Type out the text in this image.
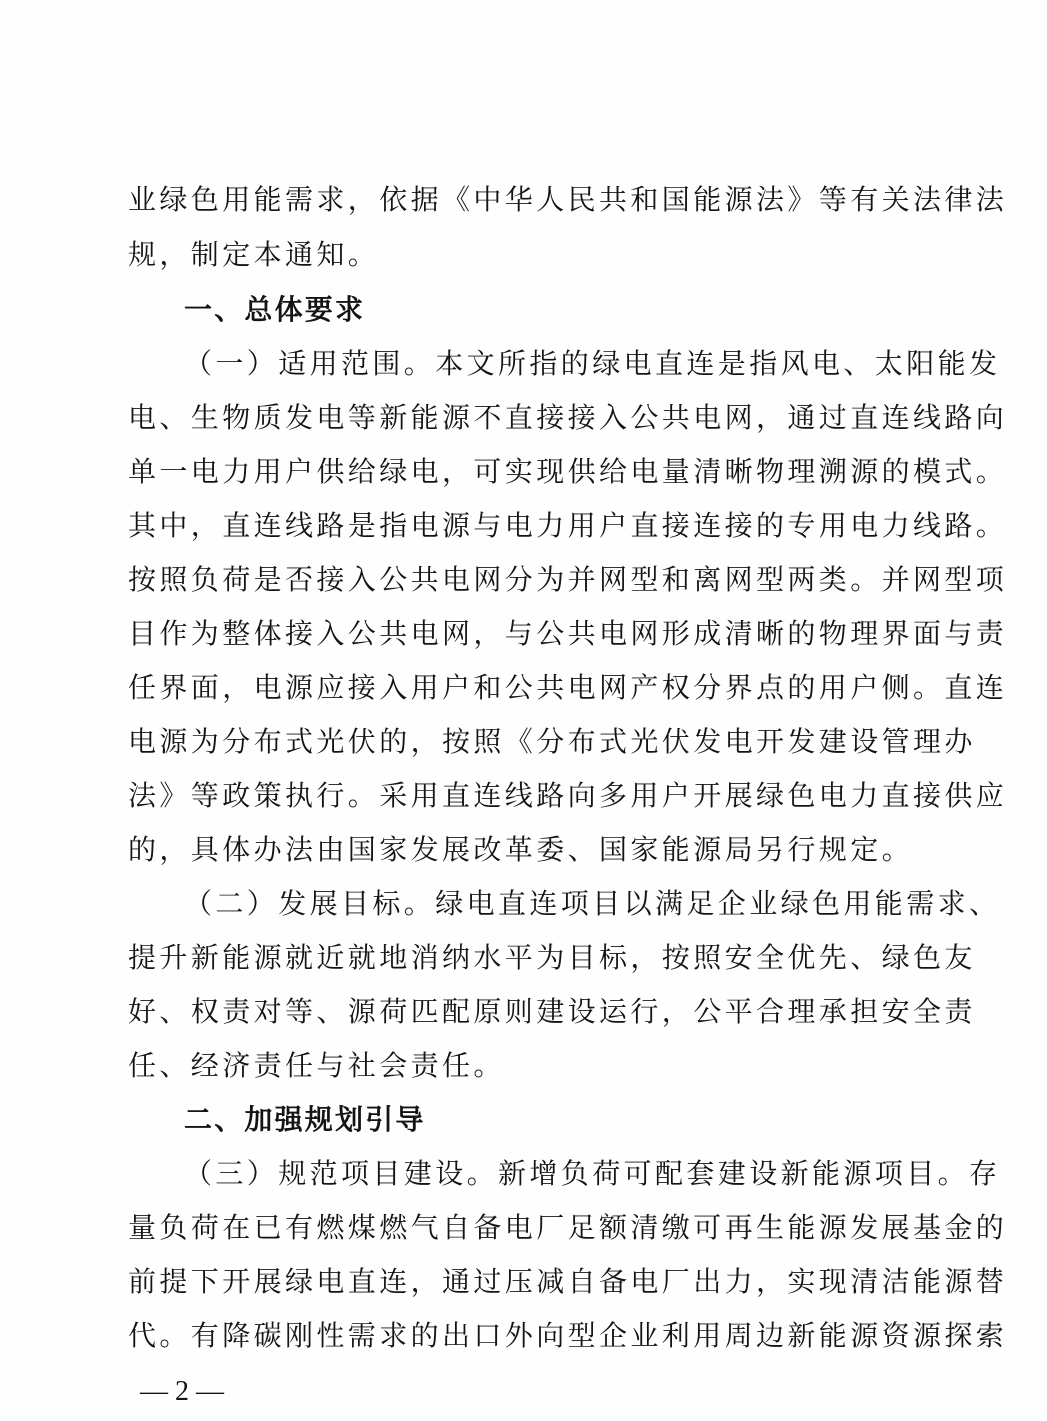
业绿色用能需求，依据《中华人民共和国能源法》等有关法律法
规，制定本通知。
一、总体要求
（一）适用范围。本文所指的绿电直连是指风电、太阳能发
电、生物质发电等新能源不直接接入公共电网，通过直连线路向
单一电力用户供给绿电，可实现供给电量清晰物理溯源的模式。
其中，直连线路是指电源与电力用户直接连接的专用电力线路。
按照负荷是否接入公共电网分为并网型和离网型两类。并网型项
目作为整体接入公共电网，与公共电网形成清晰的物理界面与责
任界面，电源应接入用户和公共电网产权分界点的用户侧。直连
电源为分布式光伏的，按照《分布式光伏发电开发建设管理办
法》等政策执行。采用直连线路向多用户开展绿色电力直接供应
的，具体办法由国家发展改革委、国家能源局另行规定。
（二）发展目标。绿电直连项目以满足企业绿色用能需求、
提升新能源就近就地消纳水平为目标，按照安全优先、绿色友
好、权责对等、源荷匹配原则建设运行，公平合理承担安全责
任、经济责任与社会责任。
二、加强规划引导
（三）规范项目建设。新增负荷可配套建设新能源项目。存
量负荷在已有燃煤燃气自备电厂足额清缴可再生能源发展基金的
前提下开展绿电直连，通过压减自备电厂出力，实现清洁能源替
代。有降碳刚性需求的出口外向型企业利用周边新能源资源探索
— 2 —
